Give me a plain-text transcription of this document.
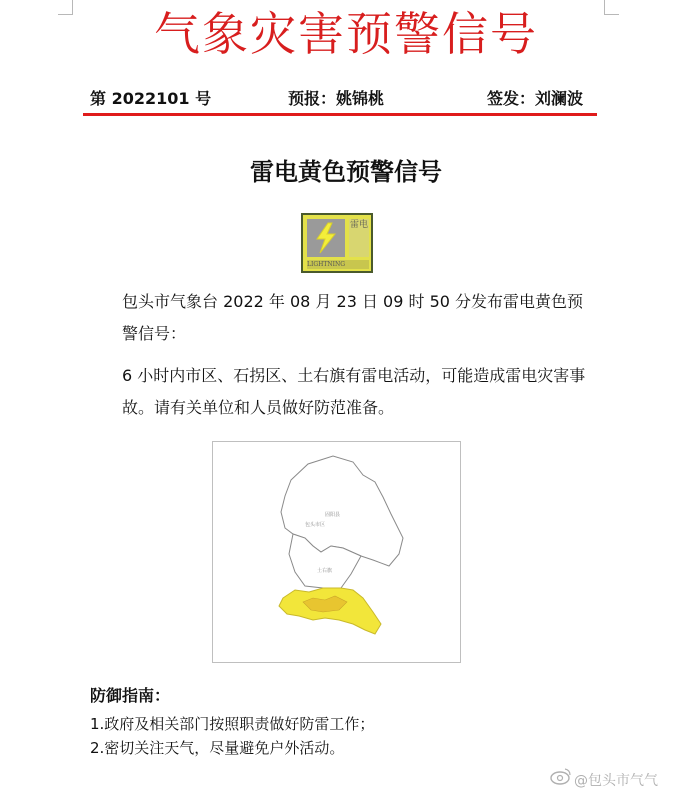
气象灾害预警信号
第 2022101 号	预报：姚锦桃	签发：刘澜波
雷电黄色预警信号
雷电
LIGHTNING
包头市气象台 2022 年 08 月 23 日 09 时 50 分发布雷电黄色预警信号：
6 小时内市区、石拐区、土右旗有雷电活动，可能造成雷电灾害事故。请有关单位和人员做好防范准备。
固阳县
包头市区
土右旗
防御指南：
1.政府及相关部门按照职责做好防雷工作；
2.密切关注天气，尽量避免户外活动。
@包头市气气
